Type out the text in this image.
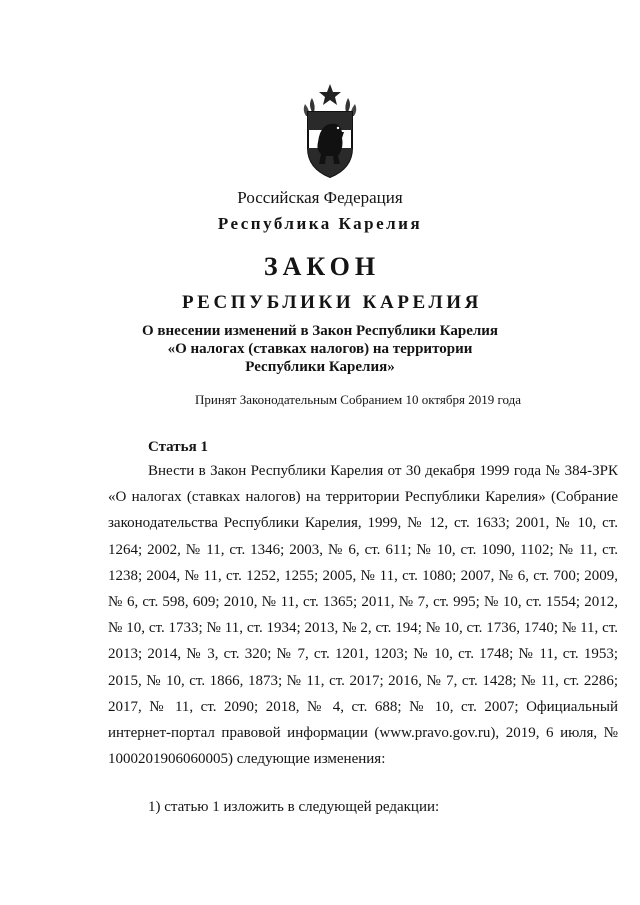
Российская Федерация
Республика Карелия
ЗАКОН
РЕСПУБЛИКИ КАРЕЛИЯ
О внесении изменений в Закон Республики Карелия
«О налогах (ставках налогов) на территории
Республики Карелия»
Принят Законодательным Собранием 10 октября 2019 года
Статья 1

Внести в Закон Республики Карелия от 30 декабря 1999 года № 384-ЗРК «О налогах (ставках налогов) на территории Республики Карелия» (Собрание законодательства Республики Карелия, 1999, № 12, ст. 1633; 2001, № 10, ст. 1264; 2002, № 11, ст. 1346; 2003, № 6, ст. 611; № 10, ст. 1090, 1102; № 11, ст. 1238; 2004, № 11, ст. 1252, 1255; 2005, № 11, ст. 1080; 2007, № 6, ст. 700; 2009, № 6, ст. 598, 609; 2010, № 11, ст. 1365; 2011, № 7, ст. 995; № 10, ст. 1554; 2012, № 10, ст. 1733; № 11, ст. 1934; 2013, № 2, ст. 194; № 10, ст. 1736, 1740; № 11, ст. 2013; 2014, № 3, ст. 320; № 7, ст. 1201, 1203; № 10, ст. 1748; № 11, ст. 1953; 2015, № 10, ст. 1866, 1873; № 11, ст. 2017; 2016, № 7, ст. 1428; № 11, ст. 2286; 2017, № 11, ст. 2090; 2018, № 4, ст. 688; № 10, ст. 2007; Официальный интернет-портал правовой информации (www.pravo.gov.ru), 2019, 6 июля, № 1000201906060005) следующие изменения:

1) статью 1 изложить в следующей редакции:
